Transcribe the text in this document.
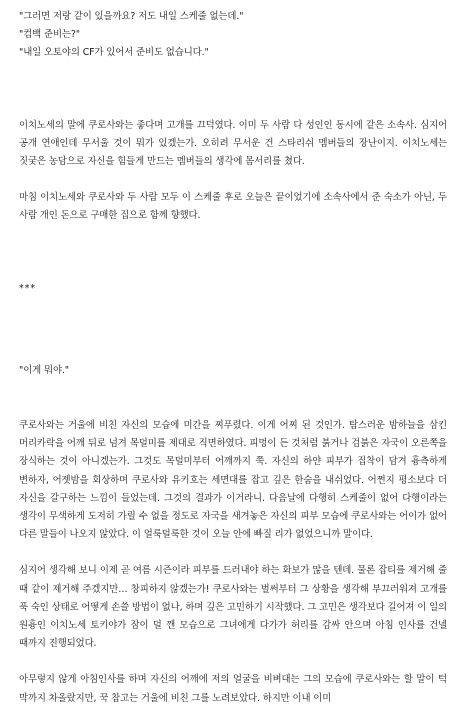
"그러면 저랑 같이 있을까요? 저도 내일 스케줄 없는데."

"컴백 준비는?"

"내일 오토야의 CF가 있어서 준비도 없습니다."

이치노세의 말에 쿠로사와는 좋다며 고개를 끄덕였다. 이미 두 사람 다 성인인 동시에 같은 소속사. 심지어 공개 연애인데 무서울 것이 뭐가 있겠는가. 오히려 무서운 건 스타리쉬 멤버들의 장난이지. 이치노세는 짓궂은 농담으로 자신을 힘들게 만드는 멤버들의 생각에 몸서리를 쳤다.

마침 이치노세와 쿠로사와 두 사람 모두 이 스케줄 후로 오늘은 끝이었기에 소속사에서 준 숙소가 아닌, 두 사람 개인 돈으로 구매한 집으로 함께 향했다.

***

"이게 뭐야."

쿠로사와는 거울에 비친 자신의 모습에 미간을 찌푸렸다. 이게 어찌 된 것인가. 탐스러운 밤하늘을 삼킨 머리카락을 어깨 뒤로 넘겨 목덜미를 제대로 직면하였다. 피멍이 든 것처럼 붉거나 검붉은 자국이 오른쪽을 장식하는 것이 아니겠는가. 그것도 목덜미부터 어깨까지 쭉. 자신의 하얀 피부가 집착이 담겨 흉측하게 변하자, 어젯밤을 회상하며 쿠로사와 유키호는 세면대를 잡고 깊은 한숨을 내쉬었다. 어쩐지 평소보다 더 자신을 갈구하는 느낌이 들었는데. 그것의 결과가 이거라니. 다음날에 다행히 스케줄이 없어 다행이라는 생각이 무색하게 도저히 가릴 수 없을 정도로 자국을 새겨놓은 자신의 피부 모습에 쿠로사와는 어이가 없어 다른 말들이 나오지 않았다. 이 얼룩덜룩한 것이 오늘 안에 빠질 리가 없었으니까 말이다.

심지어 생각해 보니 이제 곧 여름 시즌이라 피부를 드러내야 하는 화보가 많을 텐데. 물론 잡티를 제거해 줄 때 같이 제거해 주겠지만… 창피하지 않겠는가! 쿠로사와는 벌써부터 그 상황을 생각해 부끄러워져 고개를 푹 숙인 상태로 어떻게 손쓸 방법이 없나, 하며 깊은 고민하기 시작했다. 그 고민은 생각보다 길어져 이 일의 원흉인 이치노세 토키야가 잠이 덜 깬 모습으로 그녀에게 다가가 허리를 감싸 안으며 아침 인사를 건넬 때까지 진행되었다.

아무렇지 않게 아침인사를 하며 자신의 어깨에 저의 얼굴을 비벼대는 그의 모습에 쿠로사와는 할 말이 턱 막까지 차올랐지만, 꾹 참고는 거울에 비친 그를 노려보았다. 하지만 이내 이미
